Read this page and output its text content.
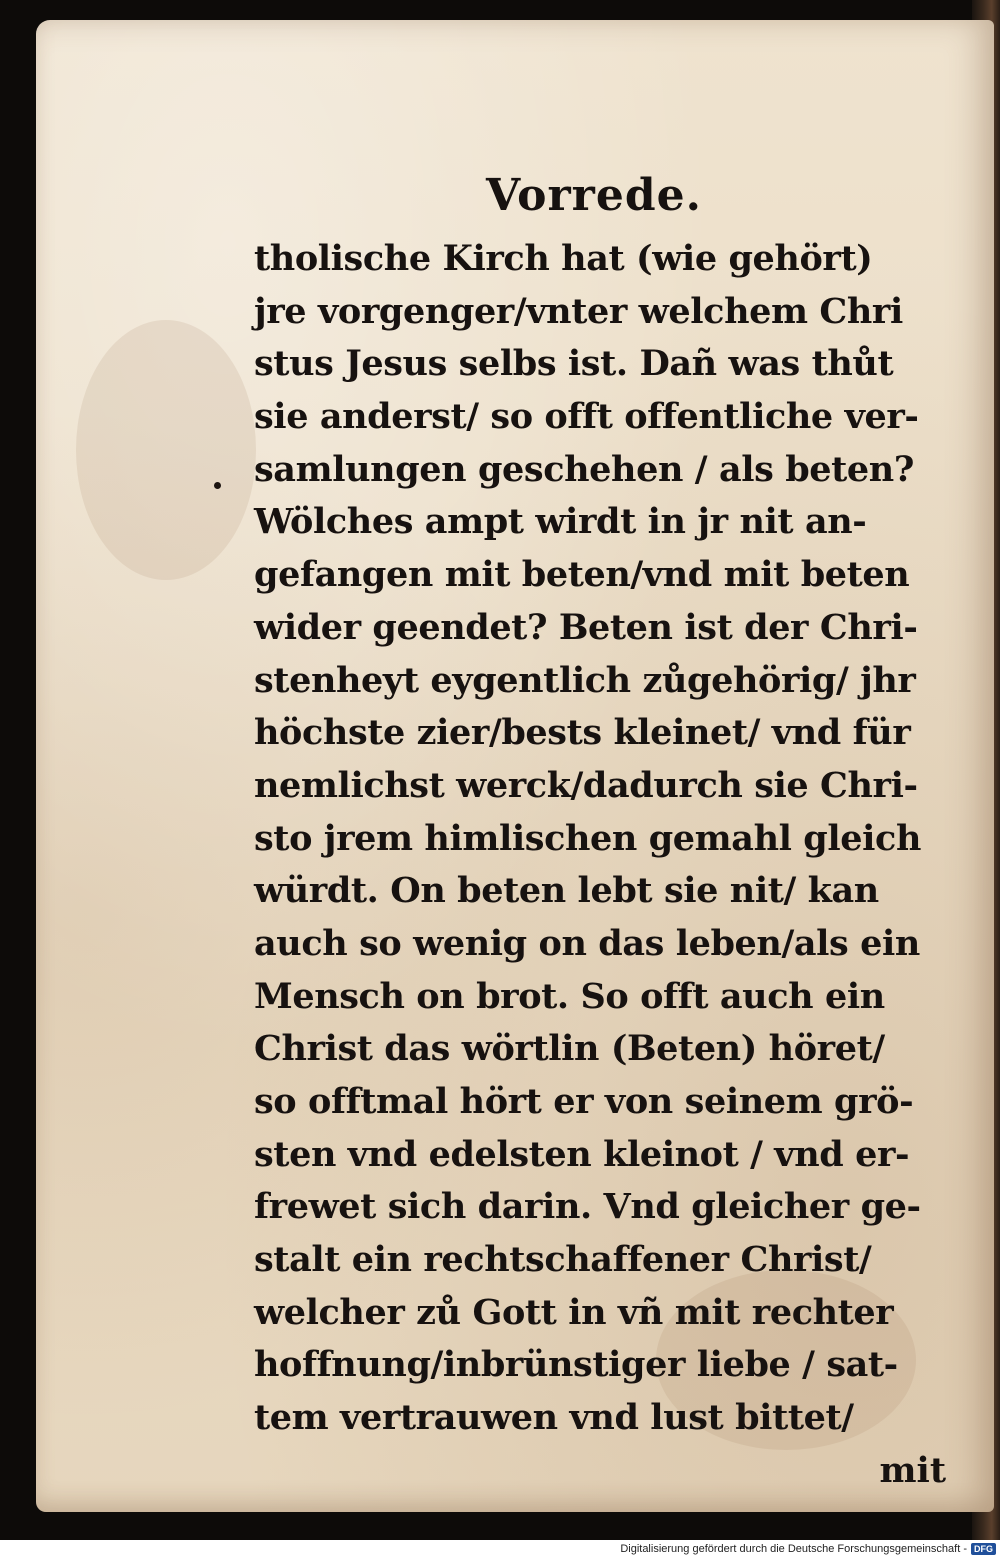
Vorrede.
tholische Kirch hat (wie gehört)
jre vorgenger/vnter welchem Chri
stus Jesus selbs ist. Dañ was thůt
sie anderst/ so offt offentliche ver-
samlungen geschehen / als beten?
Wölches ampt wirdt in jr nit an-
gefangen mit beten/vnd mit beten
wider geendet? Beten ist der Chri-
stenheyt eygentlich zůgehörig/ jhr
höchste zier/bests kleinet/ vnd für
nemlichst werck/dadurch sie Chri-
sto jrem himlischen gemahl gleich
würdt. On beten lebt sie nit/ kan
auch so wenig on das leben/als ein
Mensch on brot. So offt auch ein
Christ das wörtlin (Beten) höret/
so offtmal hört er von seinem grö-
sten vnd edelsten kleinot / vnd er-
frewet sich darin. Vnd gleicher ge-
stalt ein rechtschaffener Christ/
welcher zů Gott in vñ mit rechter
hoffnung/inbrünstiger liebe / sat-
tem vertrauwen vnd lust bittet/
mit
Digitalisierung gefördert durch die Deutsche Forschungsgemeinschaft - DFG
